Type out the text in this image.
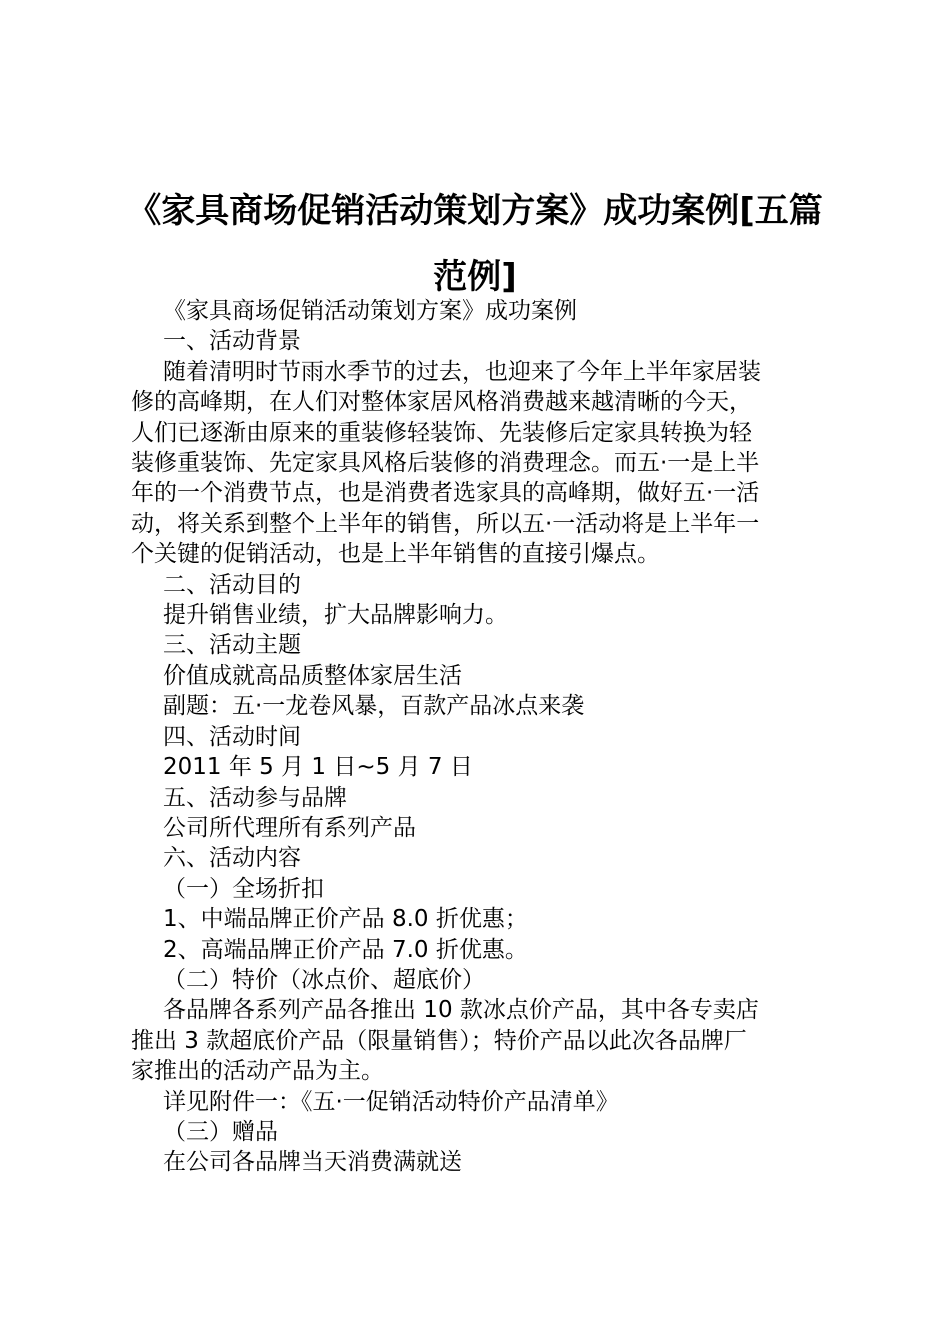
《家具商场促销活动策划方案》成功案例[五篇范例]

《家具商场促销活动策划方案》成功案例

一、活动背景

随着清明时节雨水季节的过去，也迎来了今年上半年家居装

修的高峰期，在人们对整体家居风格消费越来越清晰的今天，

人们已逐渐由原来的重装修轻装饰、先装修后定家具转换为轻

装修重装饰、先定家具风格后装修的消费理念。而五·一是上半

年的一个消费节点，也是消费者选家具的高峰期，做好五·一活

动，将关系到整个上半年的销售，所以五·一活动将是上半年一

个关键的促销活动，也是上半年销售的直接引爆点。

二、活动目的

提升销售业绩，扩大品牌影响力。

三、活动主题

价值成就高品质整体家居生活

副题：五·一龙卷风暴，百款产品冰点来袭

四、活动时间

2011 年 5 月 1 日~5 月 7 日

五、活动参与品牌

公司所代理所有系列产品

六、活动内容

（一）全场折扣

1、中端品牌正价产品 8.0 折优惠；

2、高端品牌正价产品 7.0 折优惠。

（二）特价（冰点价、超底价）

各品牌各系列产品各推出 10 款冰点价产品，其中各专卖店

推出 3 款超底价产品（限量销售）；特价产品以此次各品牌厂

家推出的活动产品为主。

详见附件一：《五·一促销活动特价产品清单》

（三）赠品

在公司各品牌当天消费满就送
